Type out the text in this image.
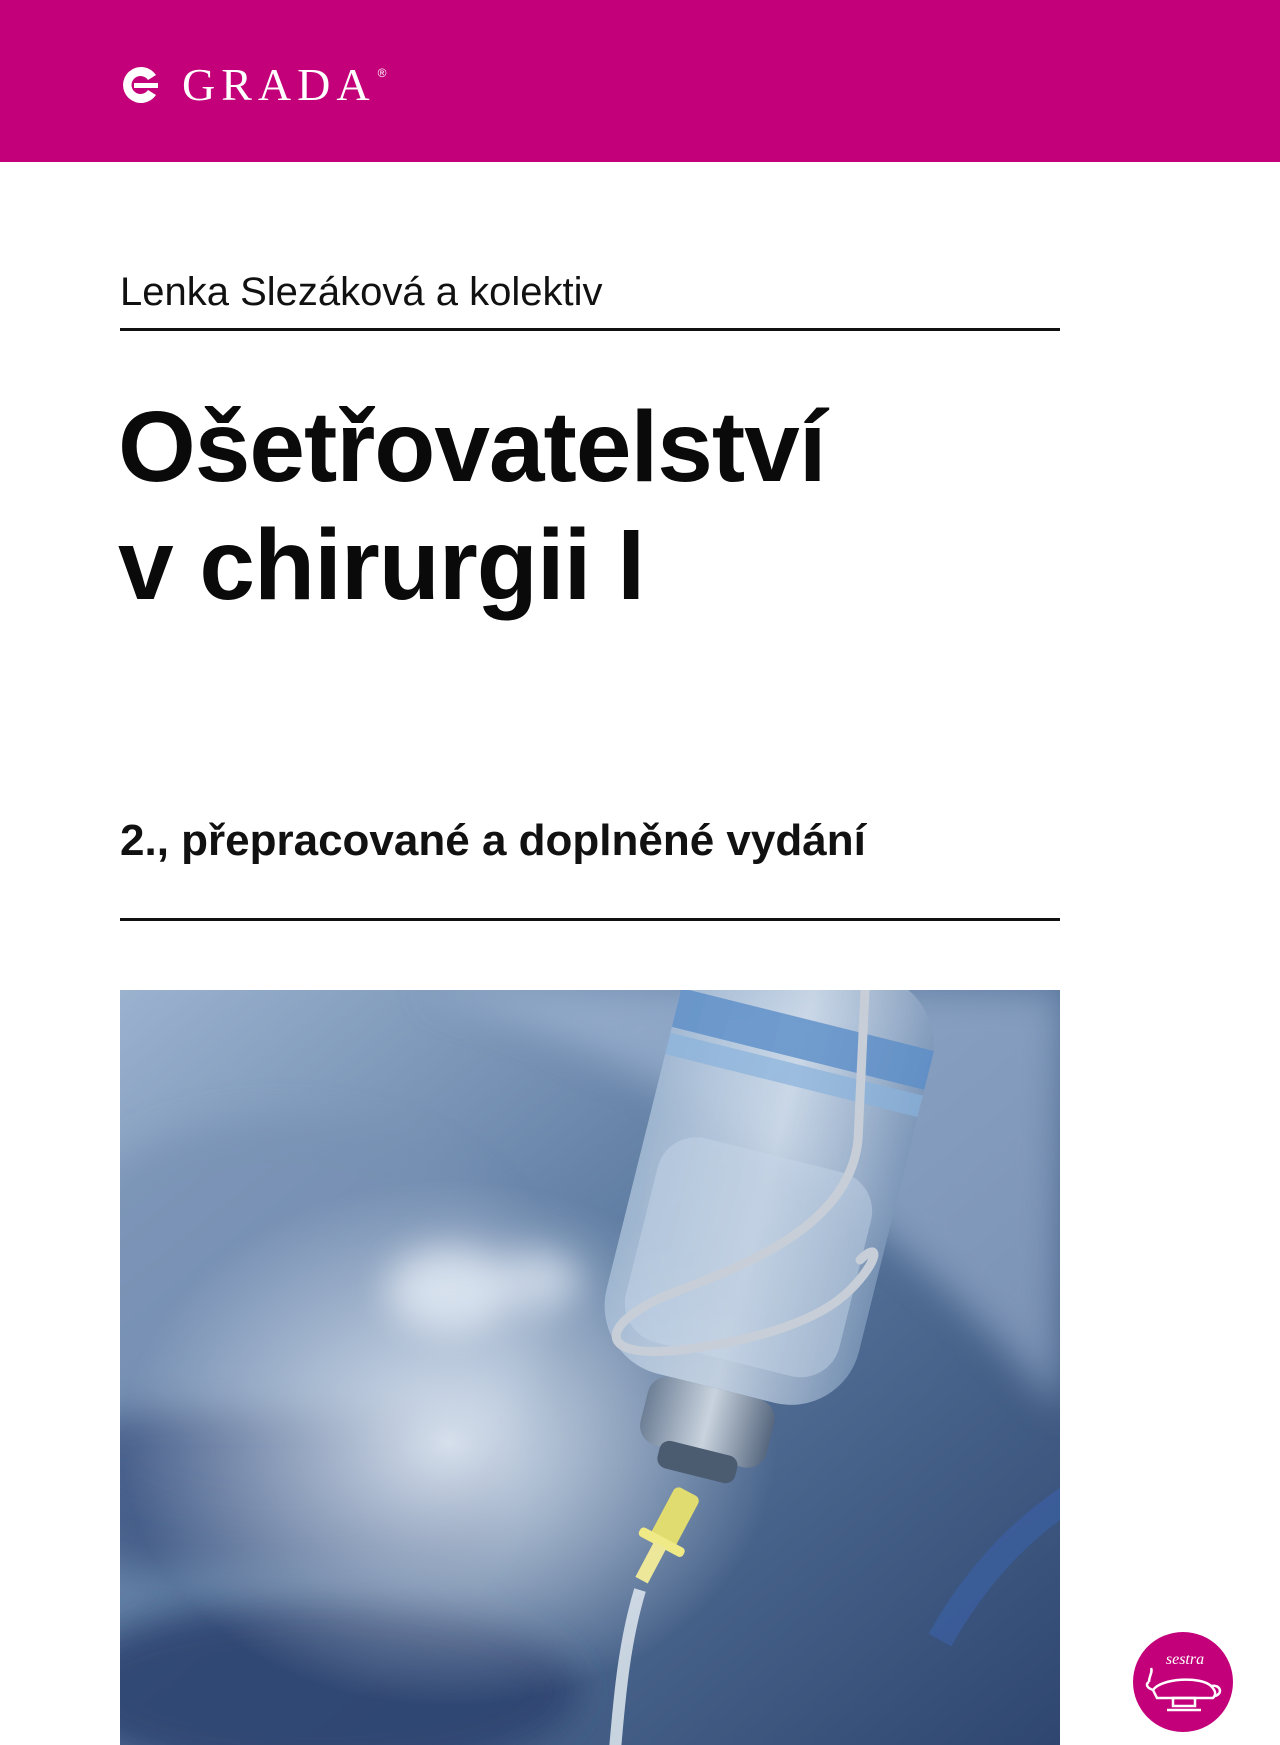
GRADA ®
Lenka Slezáková a kolektiv
Ošetřovatelství
v chirurgii I
2., přepracované a doplněné vydání
sestra
